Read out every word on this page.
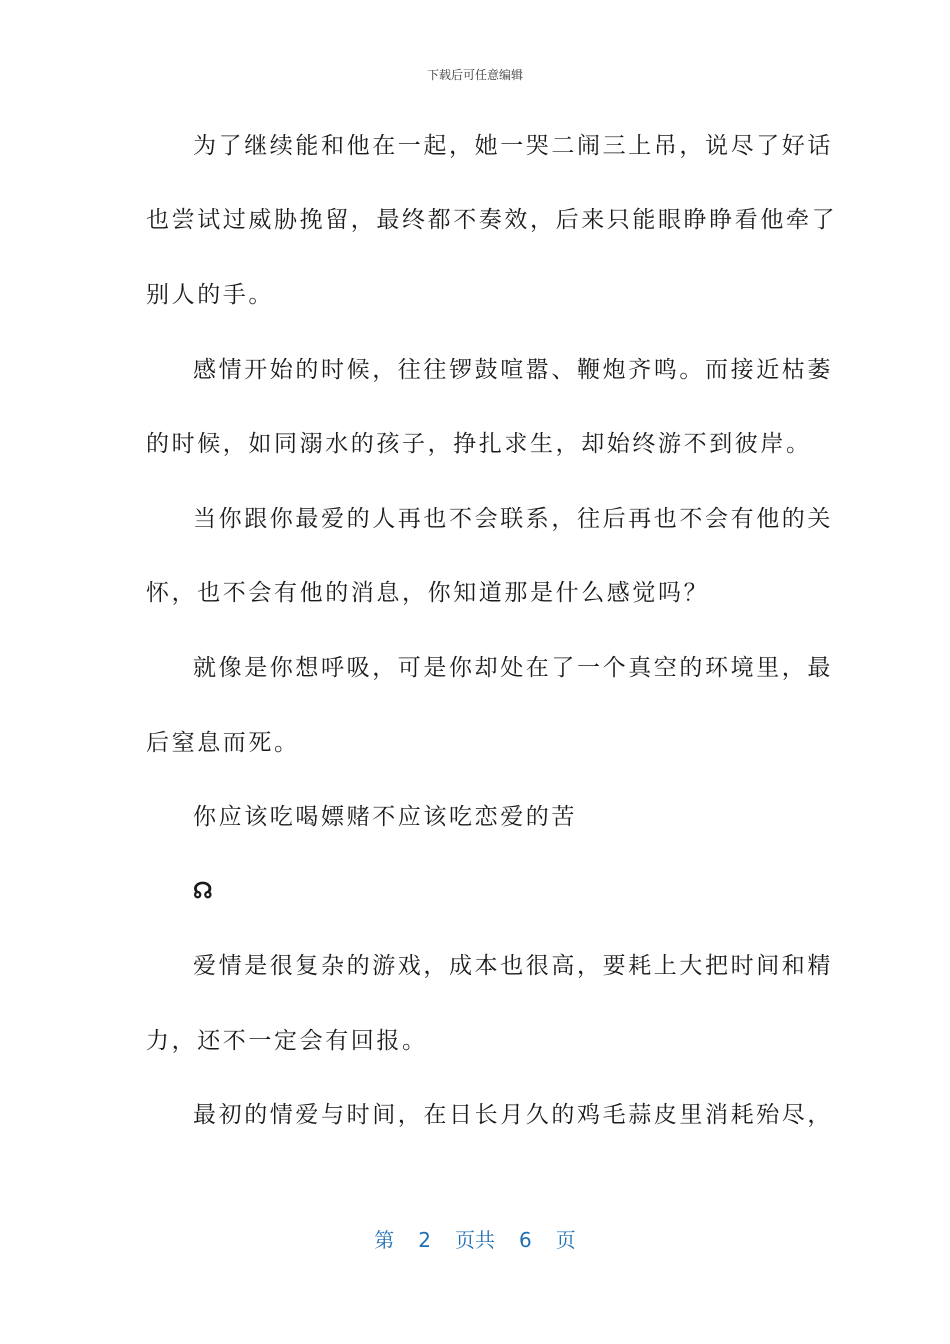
下载后可任意编辑
为了继续能和他在一起，她一哭二闹三上吊，说尽了好话
也尝试过威胁挽留，最终都不奏效，后来只能眼睁睁看他牵了
别人的手。
感情开始的时候，往往锣鼓喧嚣、鞭炮齐鸣。而接近枯萎
的时候，如同溺水的孩子，挣扎求生，却始终游不到彼岸。
当你跟你最爱的人再也不会联系，往后再也不会有他的关
怀，也不会有他的消息，你知道那是什么感觉吗？
就像是你想呼吸，可是你却处在了一个真空的环境里，最
后窒息而死。
你应该吃喝嫖赌不应该吃恋爱的苦
☊
爱情是很复杂的游戏，成本也很高，要耗上大把时间和精
力，还不一定会有回报。
最初的情爱与时间，在日长月久的鸡毛蒜皮里消耗殆尽，
第 2 页共 6 页
